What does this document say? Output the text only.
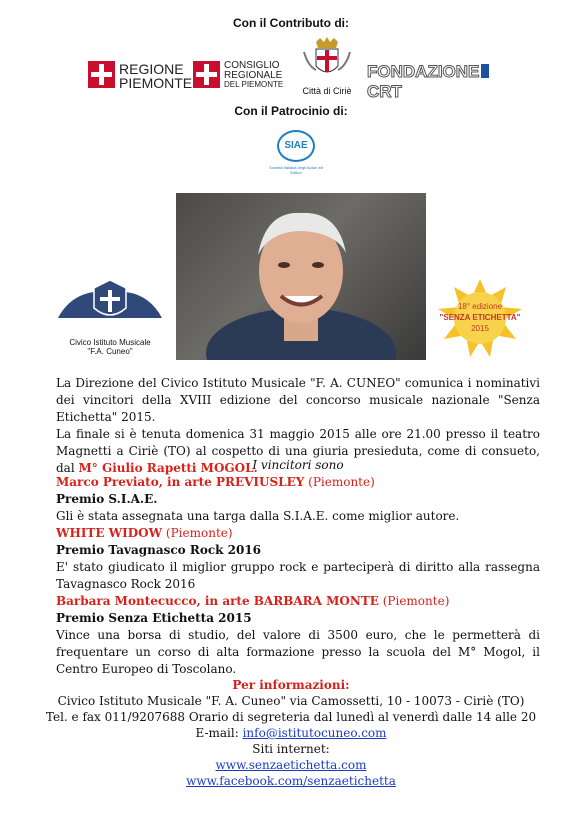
Con il Contributo di:
REGIONE
PIEMONTE
CONSIGLIO
REGIONALE
DEL PIEMONTE
Città di Ciriè
FONDAZIONECRT
Con il Patrocinio di:
SIAE
Società Italiana degli Autori ed Editori
Civico Istituto Musicale
"F.A. Cuneo"
18° edizione
"SENZA ETICHETTA"
2015
La Direzione del Civico Istituto Musicale "F. A. CUNEO" comunica i nominativi dei vincitori della XVIII edizione del concorso musicale nazionale "Senza Etichetta" 2015.
La finale si è tenuta domenica 31 maggio 2015 alle ore 21.00 presso il teatro Magnetti a Ciriè (TO) al cospetto di una giuria presieduta, come di consueto, dal M° Giulio Rapetti MOGOL.
I vincitori sono
Marco Previato, in arte PREVIUSLEY (Piemonte)
Premio S.I.A.E.
Gli è stata assegnata una targa dalla S.I.A.E. come miglior autore.
WHITE WIDOW (Piemonte)
Premio Tavagnasco Rock 2016
E' stato giudicato il miglior gruppo rock e parteciperà di diritto alla rassegna Tavagnasco Rock 2016
Barbara Montecucco, in arte BARBARA MONTE (Piemonte)
Premio Senza Etichetta 2015
Vince una borsa di studio, del valore di 3500 euro, che le permetterà di frequentare un corso di alta formazione presso la scuola del M° Mogol, il Centro Europeo di Toscolano.
Per informazioni:
Civico Istituto Musicale "F. A. Cuneo" via Camossetti, 10 - 10073 - Ciriè (TO)
Tel. e fax 011/9207688 Orario di segreteria dal lunedì al venerdì dalle 14 alle 20
E-mail: info@istitutocuneo.com
Siti internet:
www.senzaetichetta.com
www.facebook.com/senzaetichetta
